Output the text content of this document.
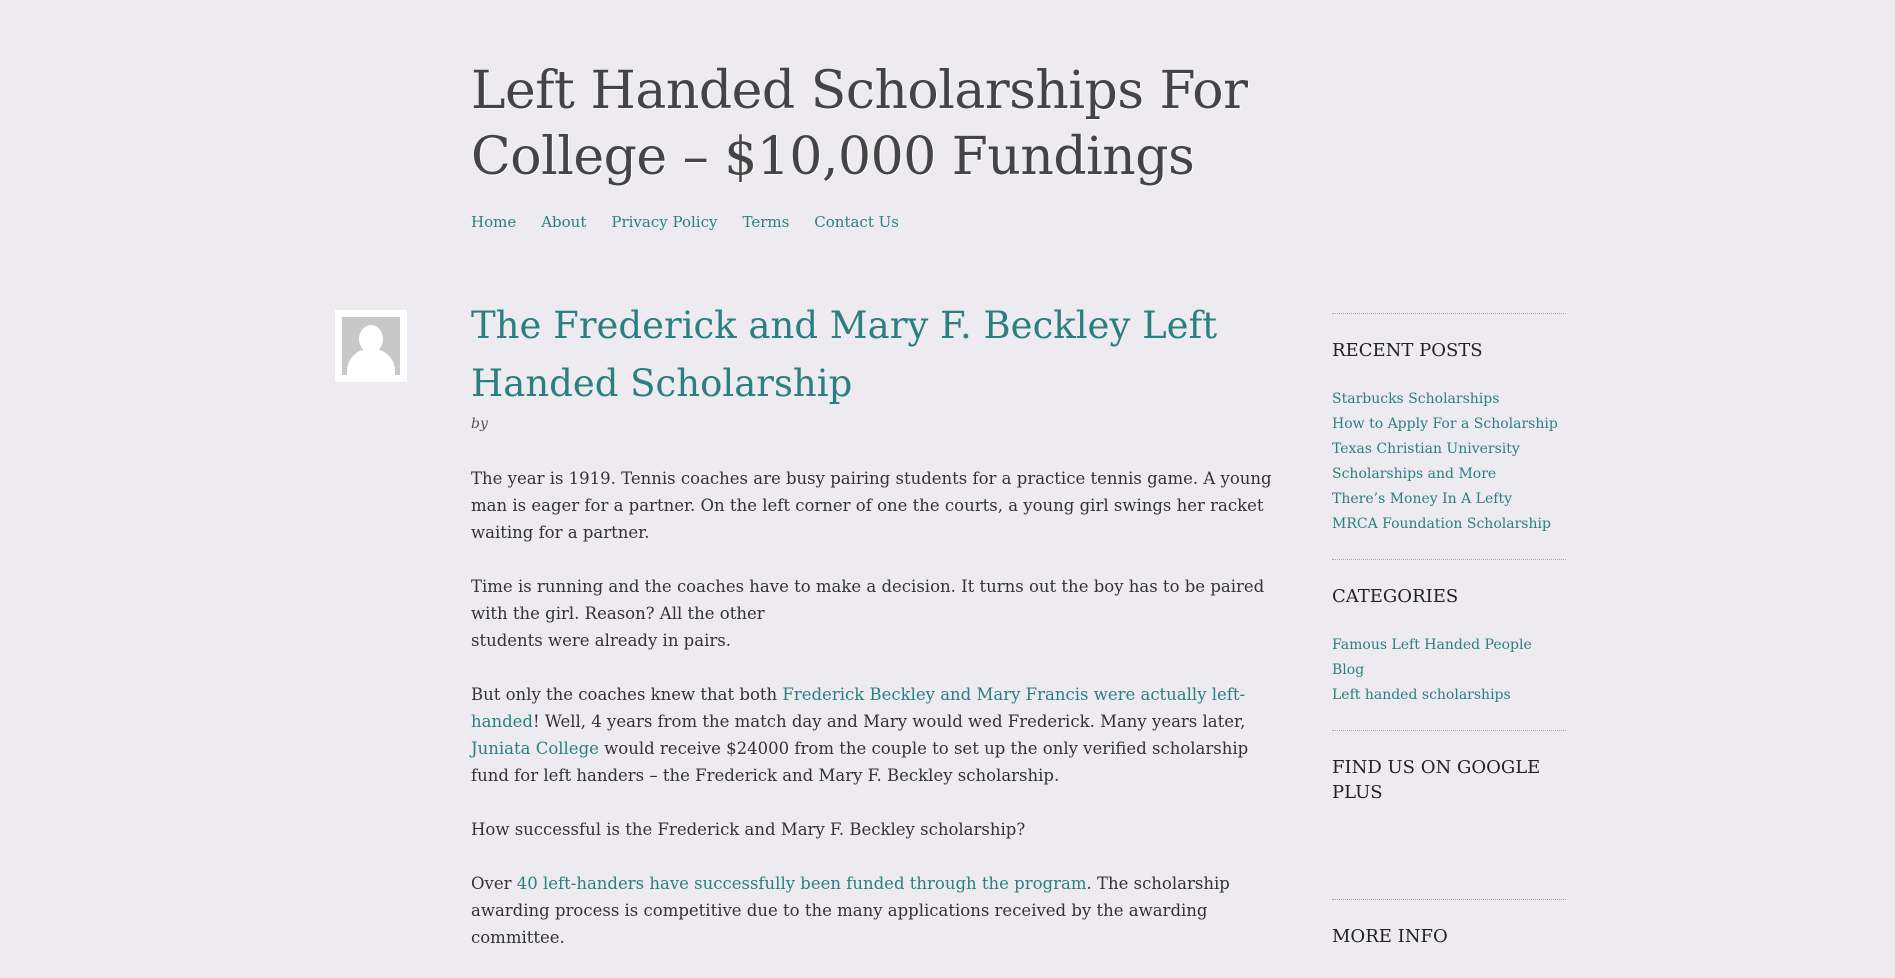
Left Handed Scholarships For College – $10,000 Fundings
Home About Privacy Policy Terms Contact Us
The Frederick and Mary F. Beckley Left Handed Scholarship
by

The year is 1919. Tennis coaches are busy pairing students for a practice tennis game. A young man is eager for a partner. On the left corner of one the courts, a young girl swings her racket waiting for a partner.

Time is running and the coaches have to make a decision. It turns out the boy has to be paired with the girl. Reason? All the other
students were already in pairs.

But only the coaches knew that both Frederick Beckley and Mary Francis were actually left-handed! Well, 4 years from the match day and Mary would wed Frederick. Many years later, Juniata College would receive $24000 from the couple to set up the only verified scholarship fund for left handers – the Frederick and Mary F. Beckley scholarship.

How successful is the Frederick and Mary F. Beckley scholarship?

Over 40 left-handers have successfully been funded through the program. The scholarship awarding process is competitive due to the many applications received by the awarding committee.

RECENT POSTS
Starbucks Scholarships
How to Apply For a Scholarship
Texas Christian University Scholarships and More
There’s Money In A Lefty
MRCA Foundation Scholarship
CATEGORIES
Famous Left Handed People
Blog
Left handed scholarships
FIND US ON GOOGLE PLUS
MORE INFO
